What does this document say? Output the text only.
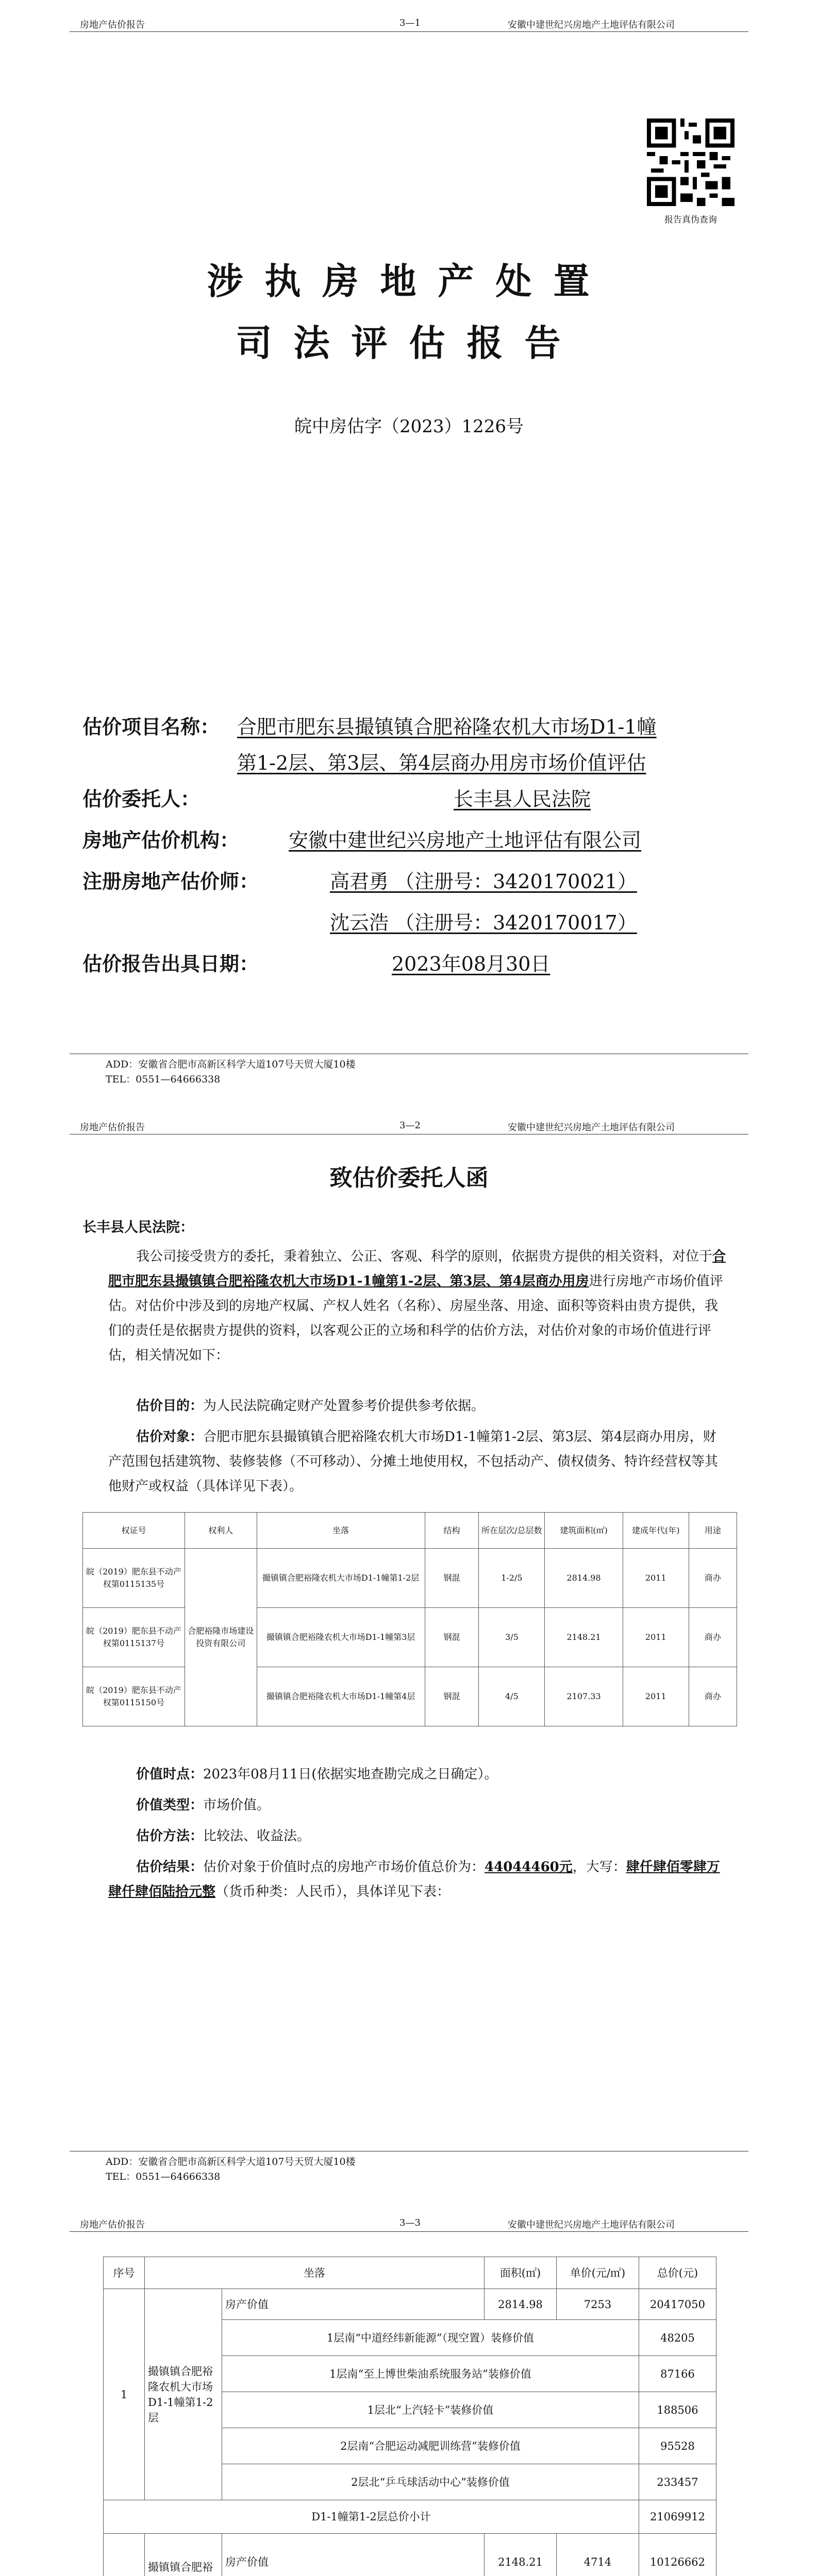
房地产估价报告	3—1	安徽中建世纪兴房地产土地评估有限公司
报告真伪查询
涉执房地产处置
司法评估报告
皖中房估字（2023）1226号
估价项目名称： 合肥市肥东县撮镇镇合肥裕隆农机大市场D1-1幢
第1-2层、第3层、第4层商办用房市场价值评估
估价委托人：	长丰县人民法院
房地产估价机构：	安徽中建世纪兴房地产土地评估有限公司
注册房地产估价师：	高君勇 （注册号：3420170021）
沈云浩 （注册号：3420170017）
估价报告出具日期：	2023年08月30日
ADD：安徽省合肥市高新区科学大道107号天贸大厦10楼
TEL：0551—64666338
房地产估价报告	3—2	安徽中建世纪兴房地产土地评估有限公司
致估价委托人函
长丰县人民法院：

我公司接受贵方的委托，秉着独立、公正、客观、科学的原则，依据贵方提供的相关资料，对位于合肥市肥东县撮镇镇合肥裕隆农机大市场D1-1幢第1-2层、第3层、第4层商办用房进行房地产市场价值评估。对估价中涉及到的房地产权属、产权人姓名（名称）、房屋坐落、用途、面积等资料由贵方提供，我们的责任是依据贵方提供的资料，以客观公正的立场和科学的估价方法，对估价对象的市场价值进行评估，相关情况如下：

估价目的：为人民法院确定财产处置参考价提供参考依据。

估价对象：合肥市肥东县撮镇镇合肥裕隆农机大市场D1-1幢第1-2层、第3层、第4层商办用房，财产范围包括建筑物、装修装修（不可移动）、分摊土地使用权，不包括动产、债权债务、特许经营权等其他财产或权益（具体详见下表）。

权证号	权利人	坐落	结构	所在层次/总层数	建筑面积(㎡)	建成年代(年)	用途
皖（2019）肥东县不动产权第0115135号	合肥裕隆市场建设投资有限公司	撮镇镇合肥裕隆农机大市场D1-1幢第1-2层	钢混	1-2/5	2814.98	2011	商办
皖（2019）肥东县不动产权第0115137号		撮镇镇合肥裕隆农机大市场D1-1幢第3层	钢混	3/5	2148.21	2011	商办
皖（2019）肥东县不动产权第0115150号		撮镇镇合肥裕隆农机大市场D1-1幢第4层	钢混	4/5	2107.33	2011	商办

价值时点：2023年08月11日(依据实地查勘完成之日确定）。

价值类型：市场价值。

估价方法：比较法、收益法。

估价结果：估价对象于价值时点的房地产市场价值总价为：44044460元，大写：肆仟肆佰零肆万肆仟肆佰陆拾元整（货币种类：人民币），具体详见下表：

ADD：安徽省合肥市高新区科学大道107号天贸大厦10楼
TEL：0551—64666338
房地产估价报告	3—3	安徽中建世纪兴房地产土地评估有限公司
序号	坐落		面积(㎡)	单价(元/㎡)	总价(元)
1	撮镇镇合肥裕隆农机大市场D1-1幢第1-2层	房产价值	2814.98	7253	20417050
		1层南“中道经纬新能源”（现空置）装修价值			48205
		1层南“至上博世柴油系统服务站”装修价值			87166
		1层北“上汽轻卡”装修价值			188506
		2层南“合肥运动减肥训练营”装修价值			95528
		2层北“乒乓球活动中心”装修价值			233457
D1-1幢第1-2层总价小计					21069912
	撮镇镇合肥裕	房产价值	2148.21	4714	10126662
